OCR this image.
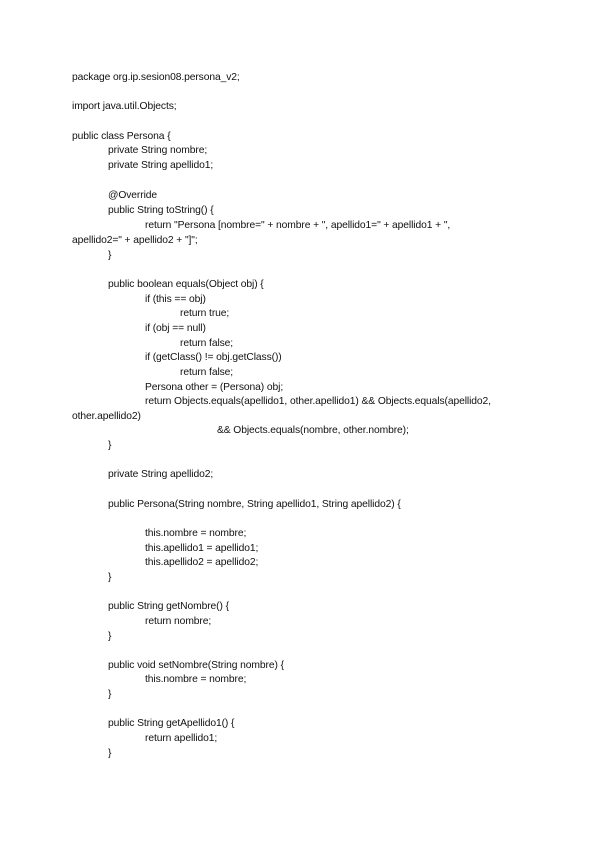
package org.ip.sesion08.persona_v2;
import java.util.Objects;
public class Persona {
private String nombre;
private String apellido1;
@Override
public String toString() {
return "Persona [nombre=" + nombre + ", apellido1=" + apellido1 + ",
apellido2=" + apellido2 + "]";
}
public boolean equals(Object obj) {
if (this == obj)
return true;
if (obj == null)
return false;
if (getClass() != obj.getClass())
return false;
Persona other = (Persona) obj;
return Objects.equals(apellido1, other.apellido1) && Objects.equals(apellido2,
other.apellido2)
&& Objects.equals(nombre, other.nombre);
}
private String apellido2;
public Persona(String nombre, String apellido1, String apellido2) {
this.nombre = nombre;
this.apellido1 = apellido1;
this.apellido2 = apellido2;
}
public String getNombre() {
return nombre;
}
public void setNombre(String nombre) {
this.nombre = nombre;
}
public String getApellido1() {
return apellido1;
}
